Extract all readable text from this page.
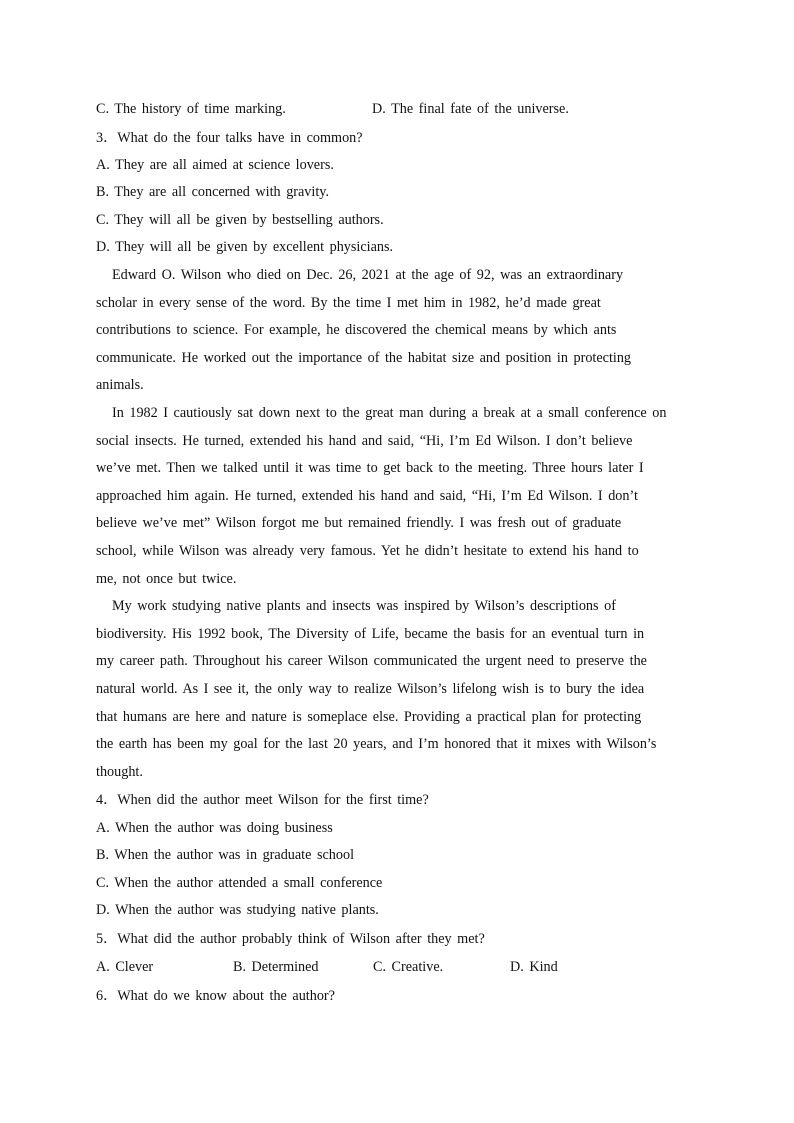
C. The history of time marking.	D. The final fate of the universe.
3．What do the four talks have in common?
A. They are all aimed at science lovers.
B. They are all concerned with gravity.
C. They will all be given by bestselling authors.
D. They will all be given by excellent physicians.
Edward O. Wilson who died on Dec. 26, 2021 at the age of 92, was an extraordinary
scholar in every sense of the word. By the time I met him in 1982, he’d made great
contributions to science. For example, he discovered the chemical means by which ants
communicate. He worked out the importance of the habitat size and position in protecting
animals.
In 1982 I cautiously sat down next to the great man during a break at a small conference on
social insects. He turned, extended his hand and said, “Hi, I’m Ed Wilson. I don’t believe
we’ve met. Then we talked until it was time to get back to the meeting. Three hours later I
approached him again. He turned, extended his hand and said, “Hi, I’m Ed Wilson. I don’t
believe we’ve met” Wilson forgot me but remained friendly. I was fresh out of graduate
school, while Wilson was already very famous. Yet he didn’t hesitate to extend his hand to
me, not once but twice.
My work studying native plants and insects was inspired by Wilson’s descriptions of
biodiversity. His 1992 book, The Diversity of Life, became the basis for an eventual turn in
my career path. Throughout his career Wilson communicated the urgent need to preserve the
natural world. As I see it, the only way to realize Wilson’s lifelong wish is to bury the idea
that humans are here and nature is someplace else. Providing a practical plan for protecting
the earth has been my goal for the last 20 years, and I’m honored that it mixes with Wilson’s
thought.
4．When did the author meet Wilson for the first time?
A. When the author was doing business
B. When the author was in graduate school
C. When the author attended a small conference
D. When the author was studying native plants.
5．What did the author probably think of Wilson after they met?
A. Clever	B. Determined	C. Creative.	D. Kind
6．What do we know about the author?
